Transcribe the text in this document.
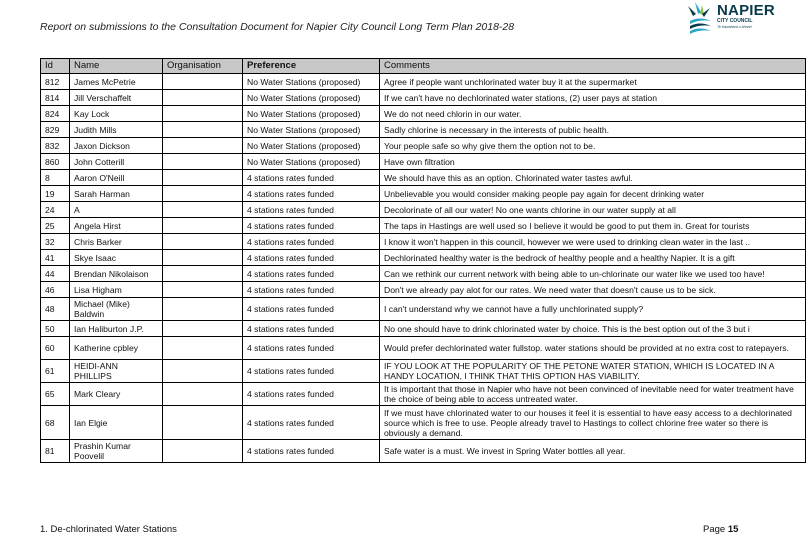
Report on submissions to the Consultation Document for Napier City Council Long Term Plan 2018-28
NAPIER
CITY COUNCIL
Te Kaunihera o Ahuriri
Id	Name	Organisation	Preference	Comments
812	James McPetrie		No Water Stations (proposed)	Agree if people want unchlorinated water buy it at the supermarket
814	Jill Verschaffelt		No Water Stations (proposed)	If we can't have no dechlorinated water stations, (2) user pays at station
824	Kay Lock		No Water Stations (proposed)	We do not need chlorin in our water.
829	Judith Mills		No Water Stations (proposed)	Sadly chlorine is necessary in the interests of public health.
832	Jaxon Dickson		No Water Stations (proposed)	Your people safe so why give them the option not to be.
860	John Cotterill		No Water Stations (proposed)	Have own filtration
8	Aaron O'Neill		4 stations rates funded	We should have this as an option. Chlorinated water tastes awful.
19	Sarah Harman		4 stations rates funded	Unbelievable you would consider making people pay again for decent drinking water
24	A		4 stations rates funded	Decolorinate of all our water! No one wants chlorine in our water supply at all
25	Angela Hirst		4 stations rates funded	The taps in Hastings are well used so I believe it would be good to put them in. Great for tourists
32	Chris Barker		4 stations rates funded	I know it won't happen in this council, however we were used to drinking clean water in the last ..
41	Skye Isaac		4 stations rates funded	Dechlorinated healthy water is the bedrock of healthy people and a healthy Napier. It is a gift
44	Brendan Nikolaison		4 stations rates funded	Can we rethink our current network with being able to un-chlorinate our water like we used too have!
46	Lisa Higham		4 stations rates funded	Don't we already pay alot for our rates. We need water that doesn't cause us to be sick.
48	Michael (Mike) Baldwin		4 stations rates funded	I can't understand why we cannot have a fully unchlorinated supply?
50	Ian Haliburton J.P.		4 stations rates funded	No one should have to drink chlorinated water by choice. This is the best option out of the 3 but i
60	Katherine cpbley		4 stations rates funded	Would prefer dechlorinated water fullstop. water stations should be provided at no extra cost to ratepayers.
61	HEIDI-ANN PHILLIPS		4 stations rates funded	IF YOU LOOK AT THE POPULARITY OF THE PETONE WATER STATION, WHICH IS LOCATED IN A HANDY LOCATION, I THINK THAT THIS OPTION HAS VIABILITY.
65	Mark Cleary		4 stations rates funded	It is important that those in Napier who have not been convinced of inevitable need for water treatment have the choice of being able to access untreated water.
68	Ian Elgie		4 stations rates funded	If we must have chlorinated water to our houses it feel it is essential to have easy access to a dechlorinated source which is free to use. People already travel to Hastings to collect chlorine free water so there is obviously a demand.
81	Prashin Kumar Poovelil		4 stations rates funded	Safe water is a must. We invest in Spring Water bottles all year.
1. De-chlorinated Water Stations	Page 15
